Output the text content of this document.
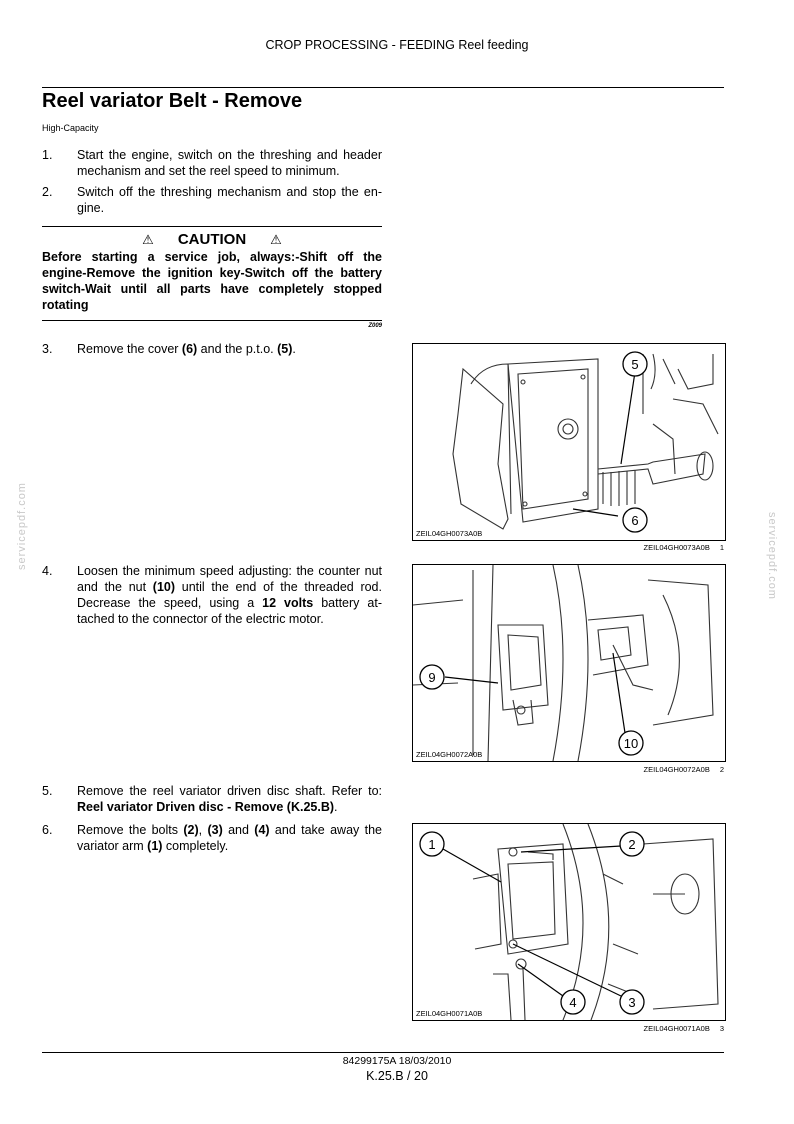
CROP PROCESSING - FEEDING Reel feeding
Reel variator Belt - Remove
High-Capacity
1. Start the engine, switch on the threshing and header mechanism and set the reel speed to minimum.
2. Switch off the threshing mechanism and stop the en-gine.
⚠ CAUTION ⚠
Before starting a service job, always:-Shift off the engine-Remove the ignition key-Switch off the battery switch-Wait until all parts have completely stopped rotating
Z009
3. Remove the cover (6) and the p.t.o. (5).
4. Loosen the minimum speed adjusting: the counter nut and the nut (10) until the end of the threaded rod. Decrease the speed, using a 12 volts battery at-tached to the connector of the electric motor.
5. Remove the reel variator driven disc shaft. Refer to: Reel variator Driven disc - Remove (K.25.B).
6. Remove the bolts (2), (3) and (4) and take away the variator arm (1) completely.
5
6
ZEIL04GH0073A0B
ZEIL04GH0073A0B 1
9
10
ZEIL04GH0072A0B
ZEIL04GH0072A0B 2
1	2
4	3
ZEIL04GH0071A0B
ZEIL04GH0071A0B 3
servicepdf.com	servicepdf.com
84299175A 18/03/2010
K.25.B / 20
